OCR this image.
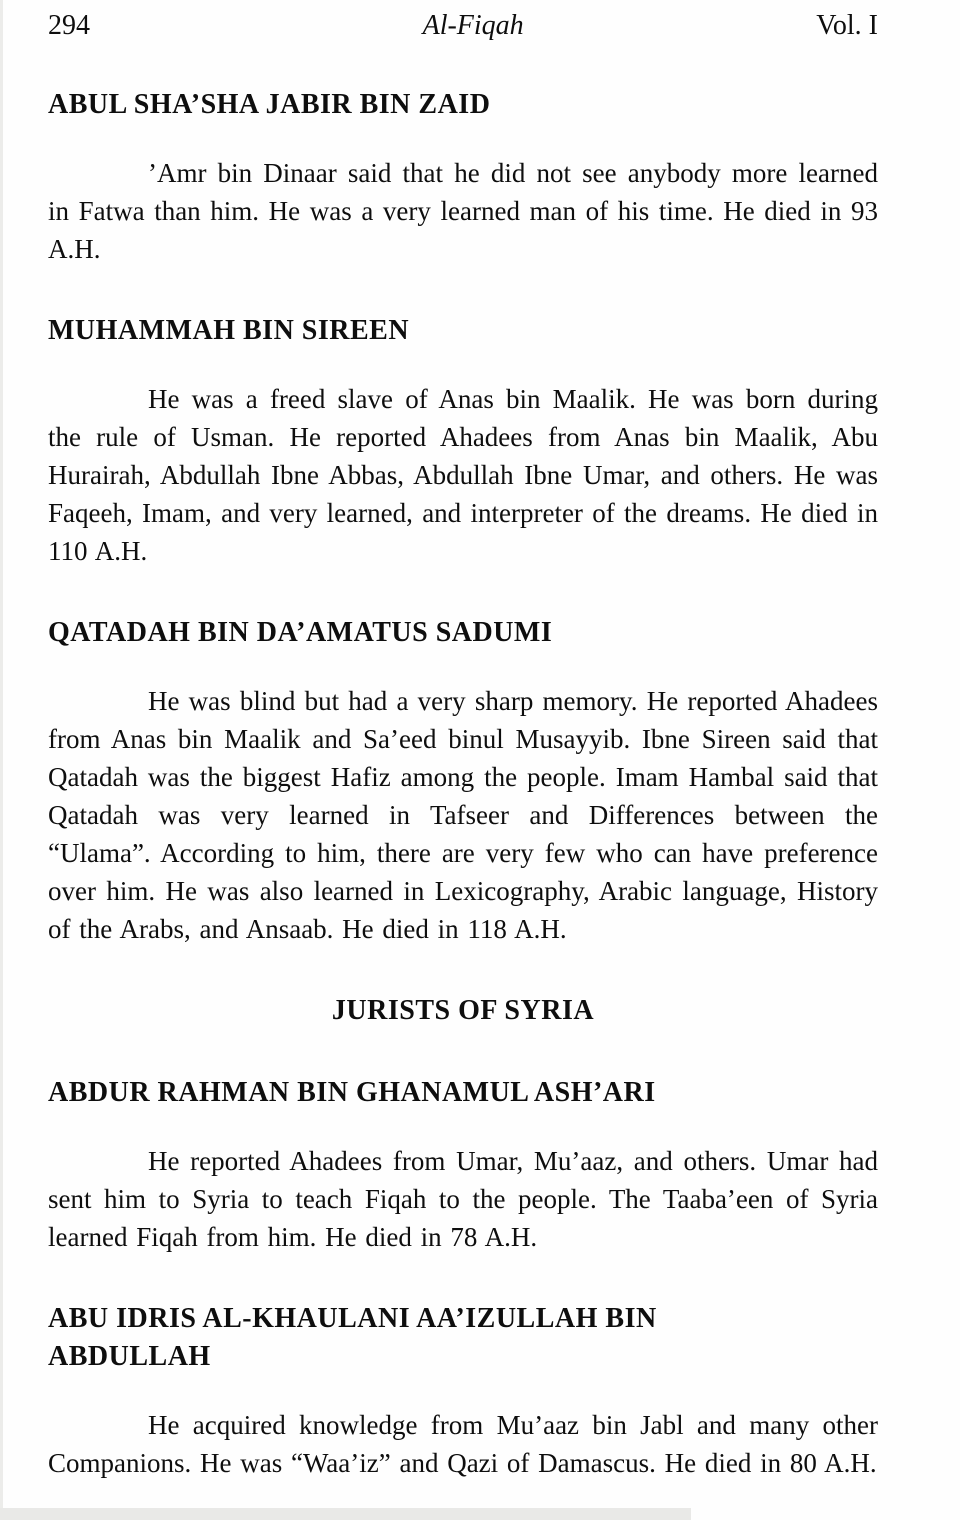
294	Al-Fiqah	Vol. I
ABUL SHA’SHA JABIR BIN ZAID

’Amr bin Dinaar said that he did not see anybody more learned in Fatwa than him. He was a very learned man of his time. He died in 93 A.H.

MUHAMMAH BIN SIREEN

He was a freed slave of Anas bin Maalik. He was born during the rule of Usman. He reported Ahadees from Anas bin Maalik, Abu Hurairah, Abdullah Ibne Abbas, Abdullah Ibne Umar, and others. He was Faqeeh, Imam, and very learned, and interpreter of the dreams. He died in 110 A.H.

QATADAH BIN DA’AMATUS SADUMI

He was blind but had a very sharp memory. He reported Ahadees from Anas bin Maalik and Sa’eed binul Musayyib. Ibne Sireen said that Qatadah was the biggest Hafiz among the people. Imam Hambal said that Qatadah was very learned in Tafseer and Differences between the “Ulama”. According to him, there are very few who can have preference over him. He was also learned in Lexicography, Arabic language, History of the Arabs, and Ansaab. He died in 118 A.H.

JURISTS OF SYRIA
ABDUR RAHMAN BIN GHANAMUL ASH’ARI

He reported Ahadees from Umar, Mu’aaz, and others. Umar had sent him to Syria to teach Fiqah to the people. The Taaba’een of Syria learned Fiqah from him. He died in 78 A.H.

ABU IDRIS AL-KHAULANI AA’IZULLAH BIN ABDULLAH

He acquired knowledge from Mu’aaz bin Jabl and many other Companions. He was “Waa’iz” and Qazi of Damascus. He died in 80 A.H.
